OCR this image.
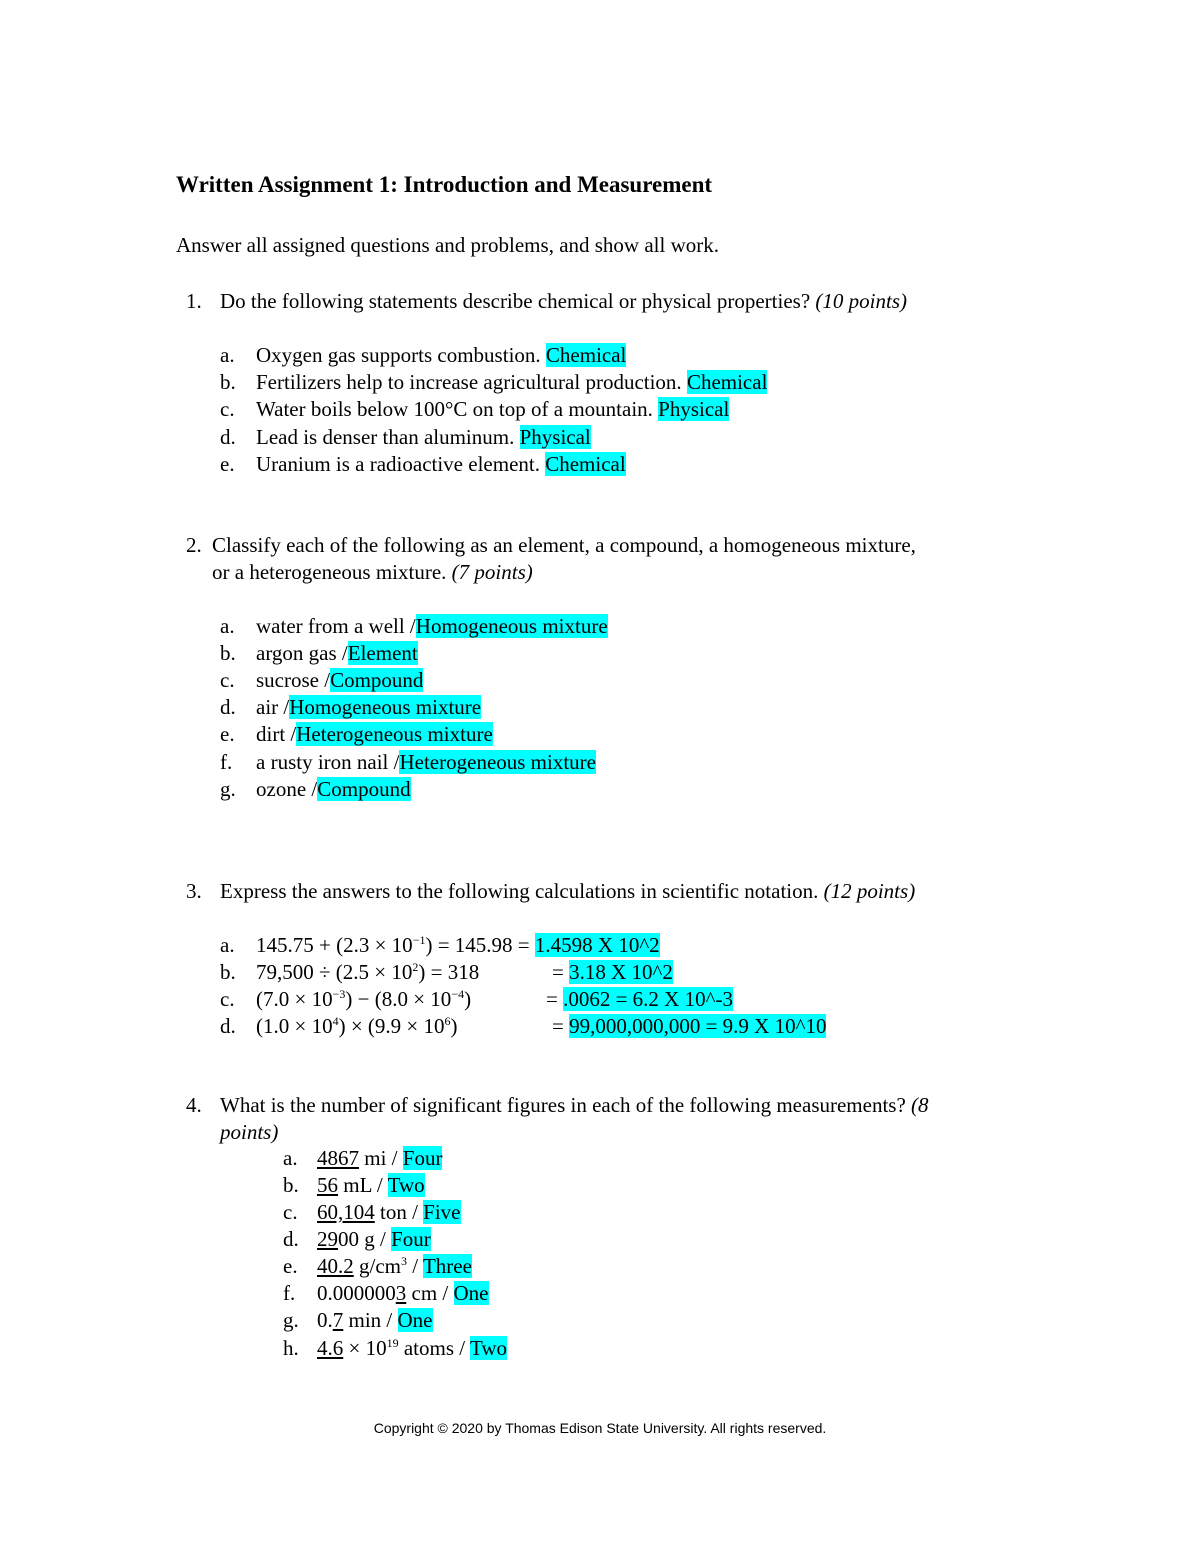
Written Assignment 1: Introduction and Measurement
Answer all assigned questions and problems, and show all work.
1. Do the following statements describe chemical or physical properties? (10 points)
a. Oxygen gas supports combustion. Chemical
b. Fertilizers help to increase agricultural production. Chemical
c. Water boils below 100°C on top of a mountain. Physical
d. Lead is denser than aluminum. Physical
e. Uranium is a radioactive element. Chemical
2. Classify each of the following as an element, a compound, a homogeneous mixture,
or a heterogeneous mixture. (7 points)
a. water from a well /Homogeneous mixture
b. argon gas /Element
c. sucrose /Compound
d. air /Homogeneous mixture
e. dirt /Heterogeneous mixture
f. a rusty iron nail /Heterogeneous mixture
g. ozone /Compound
3. Express the answers to the following calculations in scientific notation. (12 points)
a. $145.75 + (2.3 \times 10^{-1}) = 145.98 = 1.4598$ X 10^2
b. $79,500 \div (2.5 \times 10^2) = 318$	= 3.18 X 10^2
c. $(7.0 \times 10^{-3}) - (8.0 \times 10^{-4})$	= .0062 = 6.2 X 10^-3
d. $(1.0 \times 10^4) \times (9.9 \times 10^6)$	= 99,000,000,000 = 9.9 X 10^10
4. What is the number of significant figures in each of the following measurements? (8
points)
a. 4867 mi / Four
b. 56 mL / Two
c. 60,104 ton / Five
d. 2900 g / Four
e. 40.2 $g/cm^3$ / Three
f. 0.0000003 cm / One
g. 0.7 min / One
h. $4.6 \times 10^{19}$ atoms / Two
Copyright © 2020 by Thomas Edison State University. All rights reserved.
